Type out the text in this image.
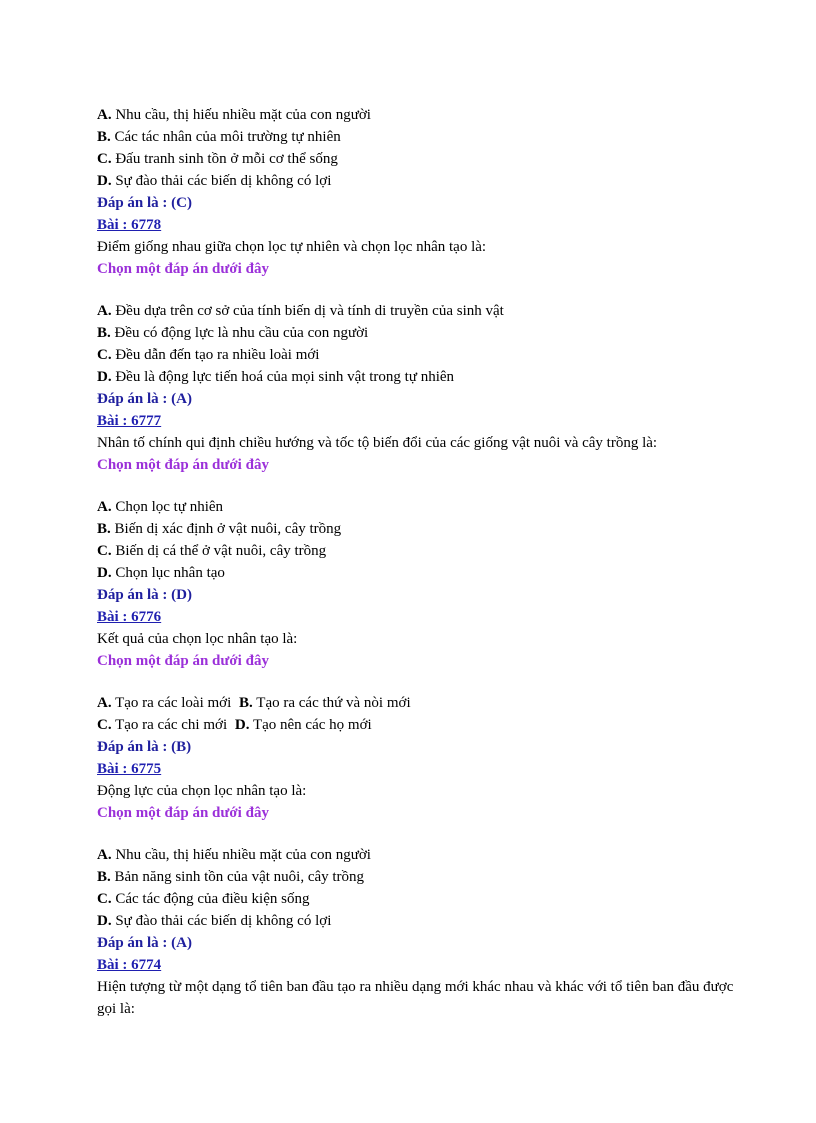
A. Nhu cầu, thị hiếu nhiều mặt của con người
B. Các tác nhân của môi trường tự nhiên
C. Đấu tranh sinh tồn ở mỗi cơ thể sống
D. Sự đào thải các biến dị không có lợi
Đáp án là : (C)
Bài : 6778
Điểm giống nhau giữa chọn lọc tự nhiên và chọn lọc nhân tạo là:
Chọn một đáp án dưới đây
A. Đều dựa trên cơ sở của tính biến dị và tính di truyền của sinh vật
B. Đều có động lực là nhu cầu của con người
C. Đều dẫn đến tạo ra nhiều loài mới
D. Đều là động lực tiến hoá của mọi sinh vật trong tự nhiên
Đáp án là : (A)
Bài : 6777
Nhân tố chính qui định chiều hướng và tốc tộ biến đổi của các giống vật nuôi và cây trồng là:
Chọn một đáp án dưới đây
A. Chọn lọc tự nhiên
B. Biến dị xác định ở vật nuôi, cây trồng
C. Biến dị cá thể ở vật nuôi, cây trồng
D. Chọn lục nhân tạo
Đáp án là : (D)
Bài : 6776
Kết quả của chọn lọc nhân tạo là:
Chọn một đáp án dưới đây
A. Tạo ra các loài mới B. Tạo ra các thứ và nòi mới
C. Tạo ra các chi mới D. Tạo nên các họ mới
Đáp án là : (B)
Bài : 6775
Động lực của chọn lọc nhân tạo là:
Chọn một đáp án dưới đây
A. Nhu cầu, thị hiếu nhiều mặt của con người
B. Bản năng sinh tồn của vật nuôi, cây trồng
C. Các tác động của điều kiện sống
D. Sự đào thải các biến dị không có lợi
Đáp án là : (A)
Bài : 6774
Hiện tượng từ một dạng tổ tiên ban đầu tạo ra nhiều dạng mới khác nhau và khác với tổ tiên ban đầu được gọi là:
